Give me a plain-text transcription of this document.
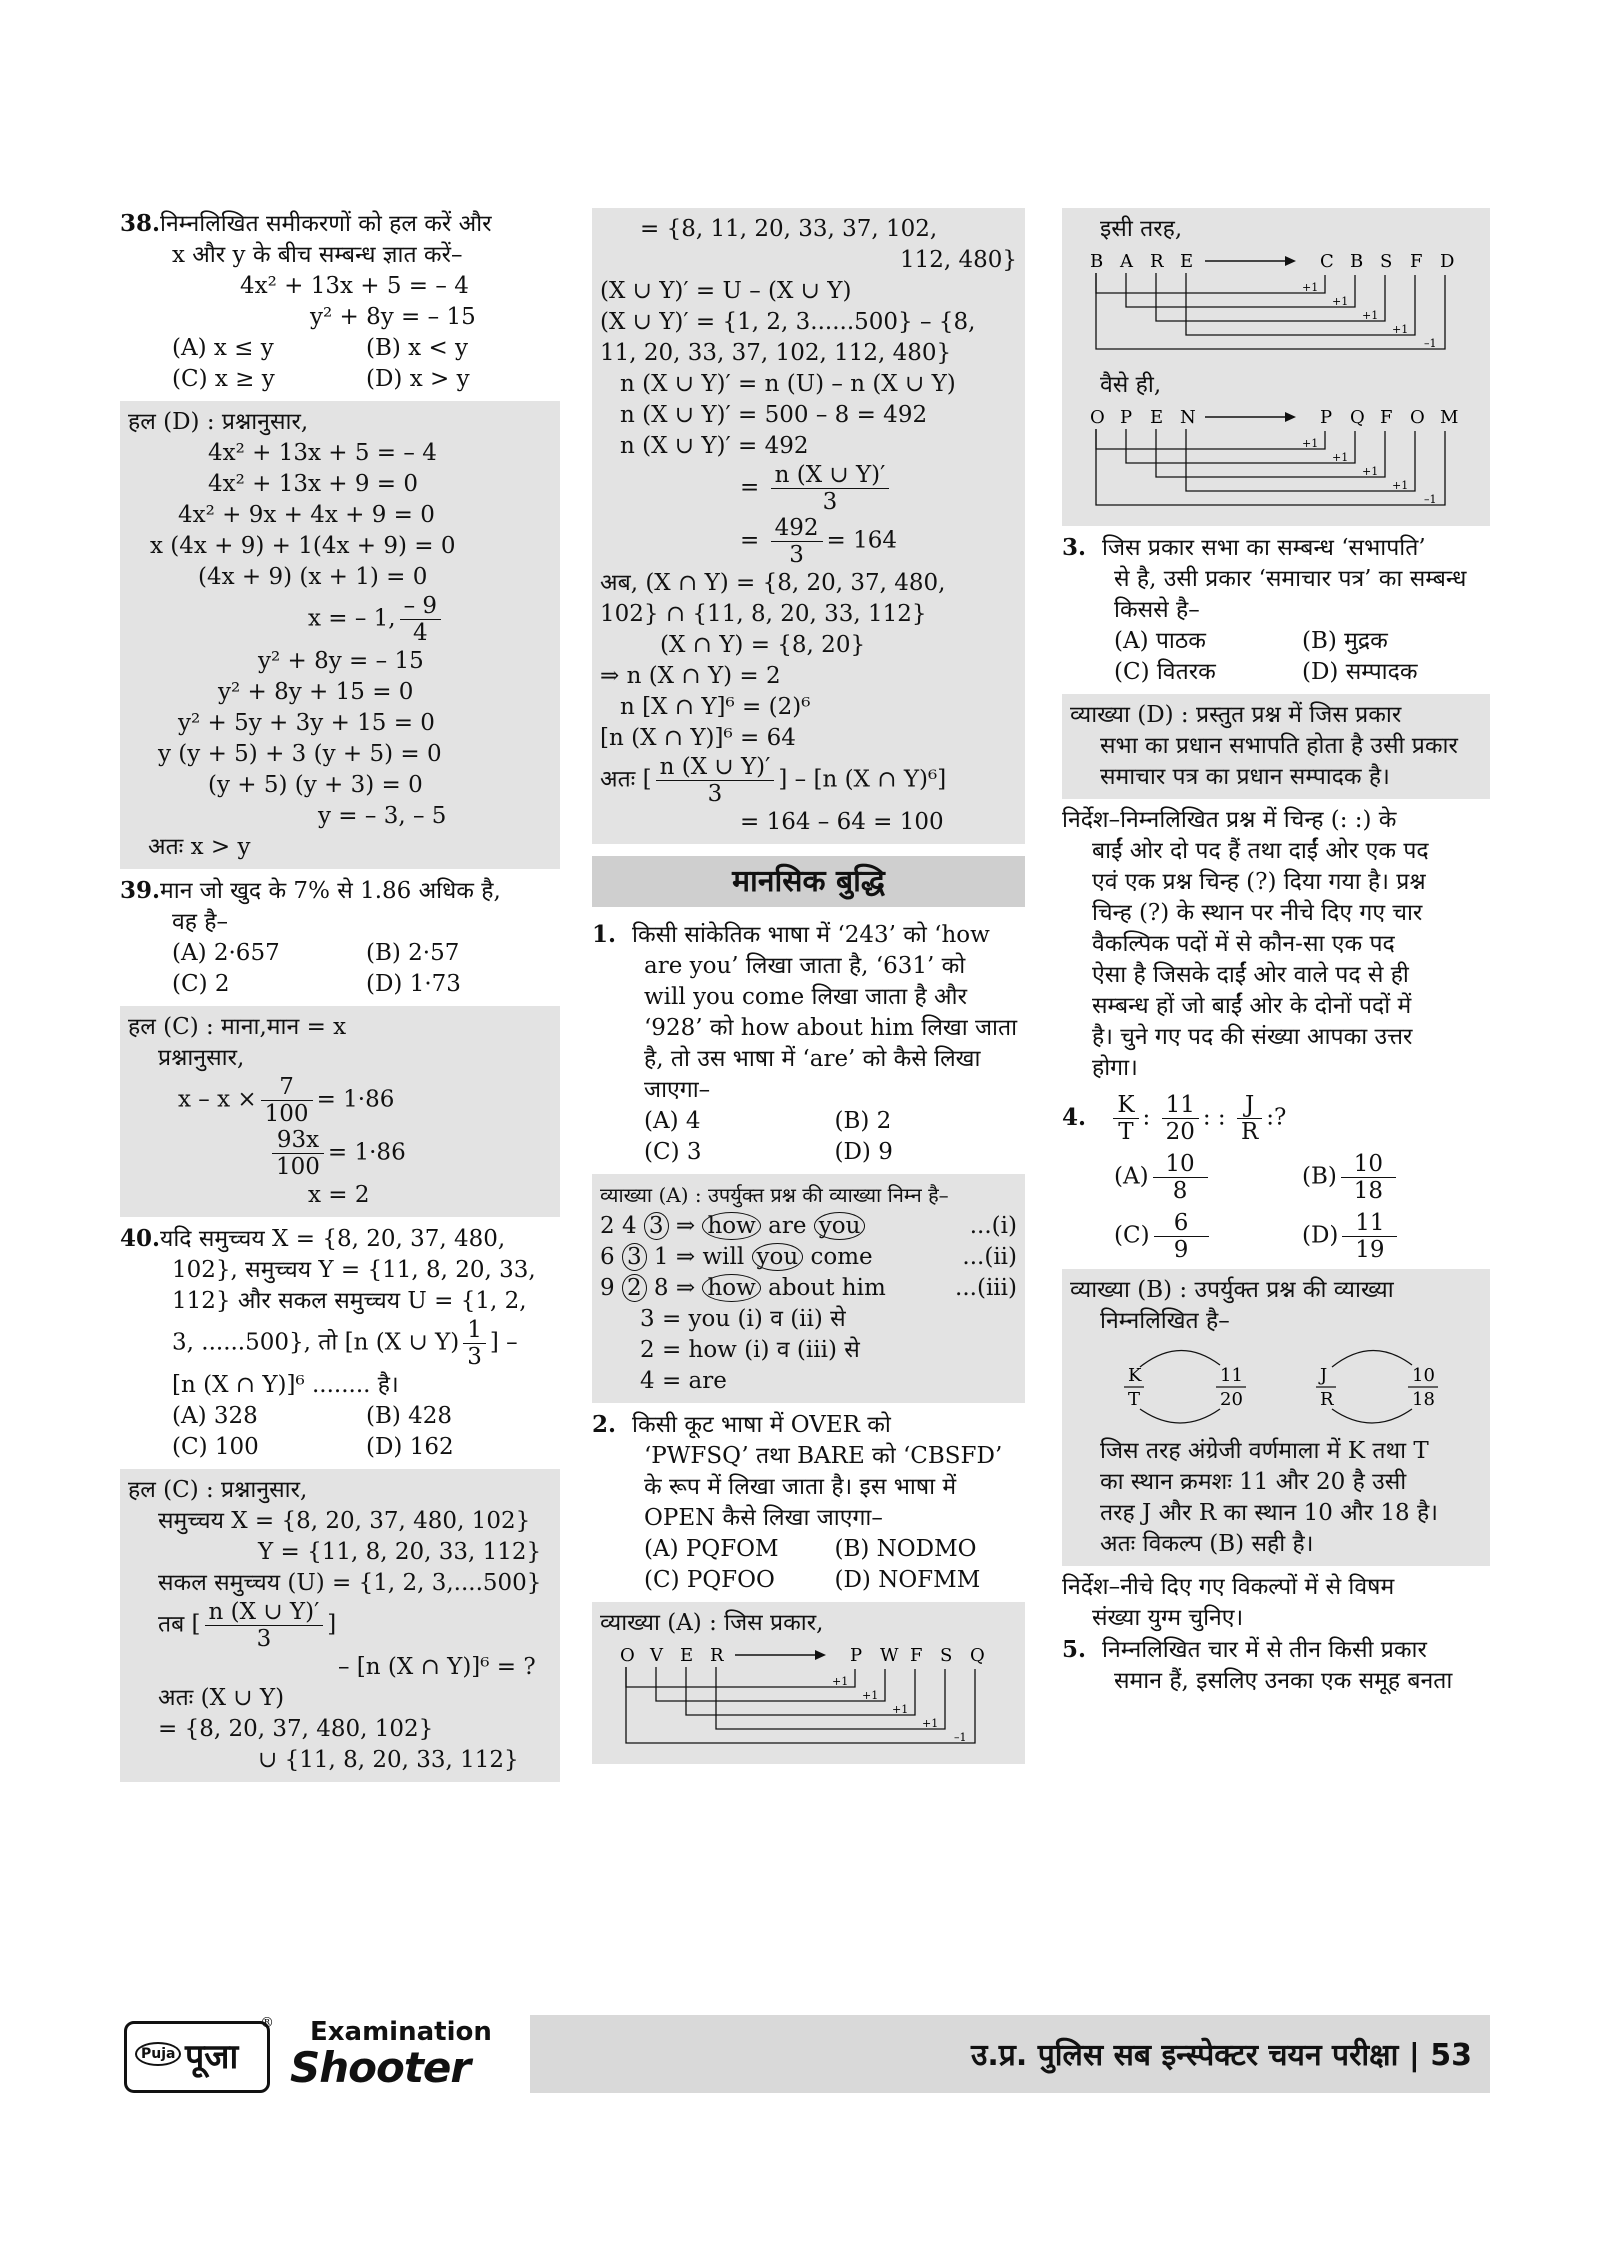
38.निम्नलिखित समीकरणों को हल करें और
x और y के बीच सम्बन्ध ज्ञात करें–
4x² + 13x + 5 = – 4
y² + 8y = – 15
(A) x ≤ y	(B) x < y
(C) x ≥ y	(D) x > y
हल (D) : प्रश्नानुसार,
4x² + 13x + 5 = – 4
4x² + 13x + 9 = 0
4x² + 9x + 4x + 9 = 0
x (4x + 9) + 1(4x + 9) = 0
(4x + 9) (x + 1) = 0
x = – 1, $\frac{- 9}{4}$
y² + 8y = – 15
y² + 8y + 15 = 0
y² + 5y + 3y + 15 = 0
y (y + 5) + 3 (y + 5) = 0
(y + 5) (y + 3) = 0
y = – 3, – 5
अतः x > y
39.मान जो खुद के 7% से 1.86 अधिक है,
वह है–
(A) 2·657	(B) 2·57
(C) 2	(D) 1·73
हल (C) : माना,मान = x
प्रश्नानुसार,
$x - x \times \frac{7}{100} = 1\cdot 86$
$\frac{93x}{100} = 1\cdot 86$
x = 2
40.यदि समुच्चय X = {8, 20, 37, 480,
102}, समुच्चय Y = {11, 8, 20, 33,
112} और सकल समुच्चय U = {1, 2,
3, ......500}, तो [n (X ∪ $Y) \frac{1}{3}$ ] –
[n (X ∩ Y)]⁶ ........ है।
(A) 328	(B) 428
(C) 100	(D) 162
हल (C) : प्रश्नानुसार,
समुच्चय X = {8, 20, 37, 480, 102}
Y = {11, 8, 20, 33, 112}
सकल समुच्चय (U) = {1, 2, 3,....500}
तब [ $\frac{n (X \cup Y)'}{3}$ ]
– [n (X ∩ Y)]⁶ = ?
अतः (X ∪ Y)
= {8, 20, 37, 480, 102}
∪ {11, 8, 20, 33, 112}
= {8, 11, 20, 33, 37, 102,
112, 480}
(X ∪ Y)′ = U – (X ∪ Y)
(X ∪ Y)′ = {1, 2, 3......500} – {8,
11, 20, 33, 37, 102, 112, 480}
n (X ∪ Y)′ = n (U) – n (X ∪ Y)
n (X ∪ Y)′ = 500 – 8 = 492
n (X ∪ Y)′ = 492
= $\frac{n (X \cup Y)'}{3}$
= $\frac{492}{3} = 164$
अब, (X ∩ Y) = {8, 20, 37, 480,
102} ∩ {11, 8, 20, 33, 112}
(X ∩ Y) = {8, 20}
⇒ n (X ∩ Y) = 2
n [X ∩ Y]⁶ = (2)⁶
[n (X ∩ Y)]⁶ = 64
अतः [ $\frac{n (X \cup Y)'}{3}$ ] – [n (X ∩ Y)⁶]
= 164 – 64 = 100
मानसिक बुद्धि
1. किसी सांकेतिक भाषा में ‘243’ को ‘how
are you’ लिखा जाता है, ‘631’ को
will you come लिखा जाता है और
‘928’ को how about him लिखा जाता
है, तो उस भाषा में ‘are’ को कैसे लिखा
जाएगा–
(A) 4	(B) 2
(C) 3	(D) 9
व्याख्या (A) : उपर्युक्त प्रश्न की व्याख्या निम्न है–
2 4 3 ⇒ how are you	...(i)
6 3 1 ⇒ will you come	...(ii)
9 2 8 ⇒ how about him	...(iii)
3 = you (i) व (ii) से
2 = how (i) व (iii) से
4 = are
2. किसी कूट भाषा में OVER को
‘PWFSQ’ तथा BARE को ‘CBSFD’
के रूप में लिखा जाता है। इस भाषा में
OPEN कैसे लिखा जाएगा–
(A) PQFOM	(B) NODMO
(C) PQFOO	(D) NOFMM
व्याख्या (A) : जिस प्रकार,
O V E R	P W F S Q
+1
+1
+1
+1
–1
इसी तरह,
B A R E	C B S F D
+1
+1
+1
+1
–1
वैसे ही,
O P E N	P Q F O M
+1
+1
+1
+1
–1
3. जिस प्रकार सभा का सम्बन्ध ‘सभापति’
से है, उसी प्रकार ‘समाचार पत्र’ का सम्बन्ध
किससे है–
(A) पाठक	(B) मुद्रक
(C) वितरक	(D) सम्पादक
व्याख्या (D) : प्रस्तुत प्रश्न में जिस प्रकार
सभा का प्रधान सभापति होता है उसी प्रकार
समाचार पत्र का प्रधान सम्पादक है।
निर्देश–निम्नलिखित प्रश्न में चिन्ह (: :) के
बाईं ओर दो पद हैं तथा दाईं ओर एक पद
एवं एक प्रश्न चिन्ह (?) दिया गया है। प्रश्न
चिन्ह (?) के स्थान पर नीचे दिए गए चार
वैकल्पिक पदों में से कौन-सा एक पद
ऐसा है जिसके दाईं ओर वाले पद से ही
सम्बन्ध हों जो बाईं ओर के दोनों पदों में
है। चुने गए पद की संख्या आपका उत्तर
होगा।
4. $\frac{K}{T}$ : $\frac{11}{20}$ : : $\frac{J}{R}$ :?
$(A) \frac{10}{8} (B) \frac{10}{18}$
$(C) \frac{6}{9} (D) \frac{11}{19}$
व्याख्या (B) : उपर्युक्त प्रश्न की व्याख्या
निम्नलिखित है–
K
T
11
20
J
R
10
18
जिस तरह अंग्रेजी वर्णमाला में K तथा T
का स्थान क्रमशः 11 और 20 है उसी
तरह J और R का स्थान 10 और 18 है।
अतः विकल्प (B) सही है।
निर्देश–नीचे दिए गए विकल्पों में से विषम
संख्या युग्म चुनिए।
5. निम्नलिखित चार में से तीन किसी प्रकार
समान हैं, इसलिए उनका एक समूह बनता
Puja पूजा
® Examination
Shooter	उ.प्र. पुलिस सब इन्स्पेक्टर चयन परीक्षा | 53
